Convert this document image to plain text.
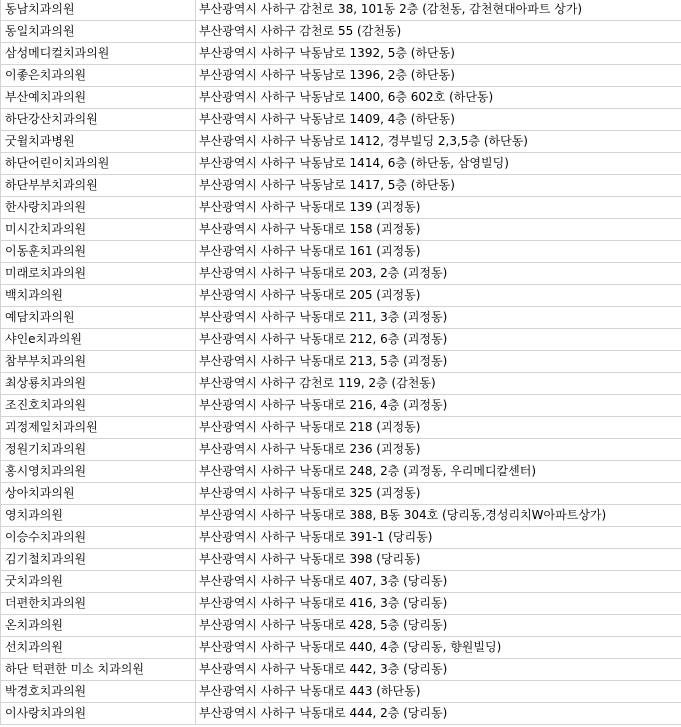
동남치과의원	부산광역시 사하구 감천로 38, 101동 2층 (감천동, 감천현대아파트 상가)
동일치과의원	부산광역시 사하구 감천로 55 (감천동)
삼성메디컬치과의원	부산광역시 사하구 낙동남로 1392, 5층 (하단동)
이좋은치과의원	부산광역시 사하구 낙동남로 1396, 2층 (하단동)
부산예치과의원	부산광역시 사하구 낙동남로 1400, 6층 602호 (하단동)
하단강산치과의원	부산광역시 사하구 낙동남로 1409, 4층 (하단동)
굿윌치과병원	부산광역시 사하구 낙동남로 1412, 경부빌딩 2,3,5층 (하단동)
하단어린이치과의원	부산광역시 사하구 낙동남로 1414, 6층 (하단동, 삼영빌딩)
하단부부치과의원	부산광역시 사하구 낙동남로 1417, 5층 (하단동)
한사랑치과의원	부산광역시 사하구 낙동대로 139 (괴정동)
미시간치과의원	부산광역시 사하구 낙동대로 158 (괴정동)
이동훈치과의원	부산광역시 사하구 낙동대로 161 (괴정동)
미래로치과의원	부산광역시 사하구 낙동대로 203, 2층 (괴정동)
백치과의원	부산광역시 사하구 낙동대로 205 (괴정동)
예담치과의원	부산광역시 사하구 낙동대로 211, 3층 (괴정동)
샤인e치과의원	부산광역시 사하구 낙동대로 212, 6층 (괴정동)
참부부치과의원	부산광역시 사하구 낙동대로 213, 5층 (괴정동)
최상룡치과의원	부산광역시 사하구 감천로 119, 2층 (감천동)
조진호치과의원	부산광역시 사하구 낙동대로 216, 4층 (괴정동)
괴정제일치과의원	부산광역시 사하구 낙동대로 218 (괴정동)
정원기치과의원	부산광역시 사하구 낙동대로 236 (괴정동)
홍시영치과의원	부산광역시 사하구 낙동대로 248, 2층 (괴정동, 우리메디칼센터)
상아치과의원	부산광역시 사하구 낙동대로 325 (괴정동)
영치과의원	부산광역시 사하구 낙동대로 388, B동 304호 (당리동,경성리치W아파트상가)
이승수치과의원	부산광역시 사하구 낙동대로 391-1 (당리동)
김기철치과의원	부산광역시 사하구 낙동대로 398 (당리동)
굿치과의원	부산광역시 사하구 낙동대로 407, 3층 (당리동)
더편한치과의원	부산광역시 사하구 낙동대로 416, 3층 (당리동)
온치과의원	부산광역시 사하구 낙동대로 428, 5층 (당리동)
선치과의원	부산광역시 사하구 낙동대로 440, 4층 (당리동, 향원빌딩)
하단 턱편한 미소 치과의원	부산광역시 사하구 낙동대로 442, 3층 (당리동)
박경호치과의원	부산광역시 사하구 낙동대로 443 (하단동)
이사랑치과의원	부산광역시 사하구 낙동대로 444, 2층 (당리동)
